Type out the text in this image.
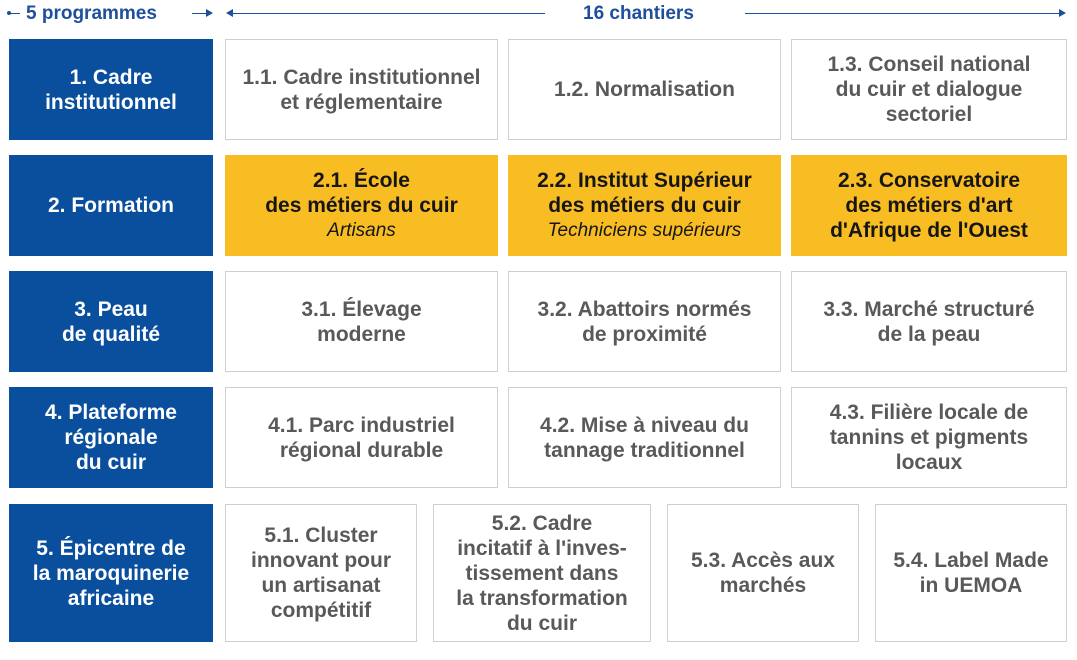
5 programmes	16 chantiers
1. Cadre
institutionnel
1.1. Cadre institutionnel
et réglementaire
1.2. Normalisation
1.3. Conseil national
du cuir et dialogue
sectoriel
2. Formation
2.1. École
des métiers du cuir
Artisans
2.2. Institut Supérieur
des métiers du cuir
Techniciens supérieurs
2.3. Conservatoire
des métiers d'art
d'Afrique de l'Ouest
3. Peau
de qualité
3.1. Élevage
moderne
3.2. Abattoirs normés
de proximité
3.3. Marché structuré
de la peau
4. Plateforme
régionale
du cuir
4.1. Parc industriel
régional durable
4.2. Mise à niveau du
tannage traditionnel
4.3. Filière locale de
tannins et pigments
locaux
5. Épicentre de
la maroquinerie
africaine
5.1. Cluster
innovant pour
un artisanat
compétitif
5.2. Cadre
incitatif à l'inves-
tissement dans
la transformation
du cuir
5.3. Accès aux
marchés
5.4. Label Made
in UEMOA
